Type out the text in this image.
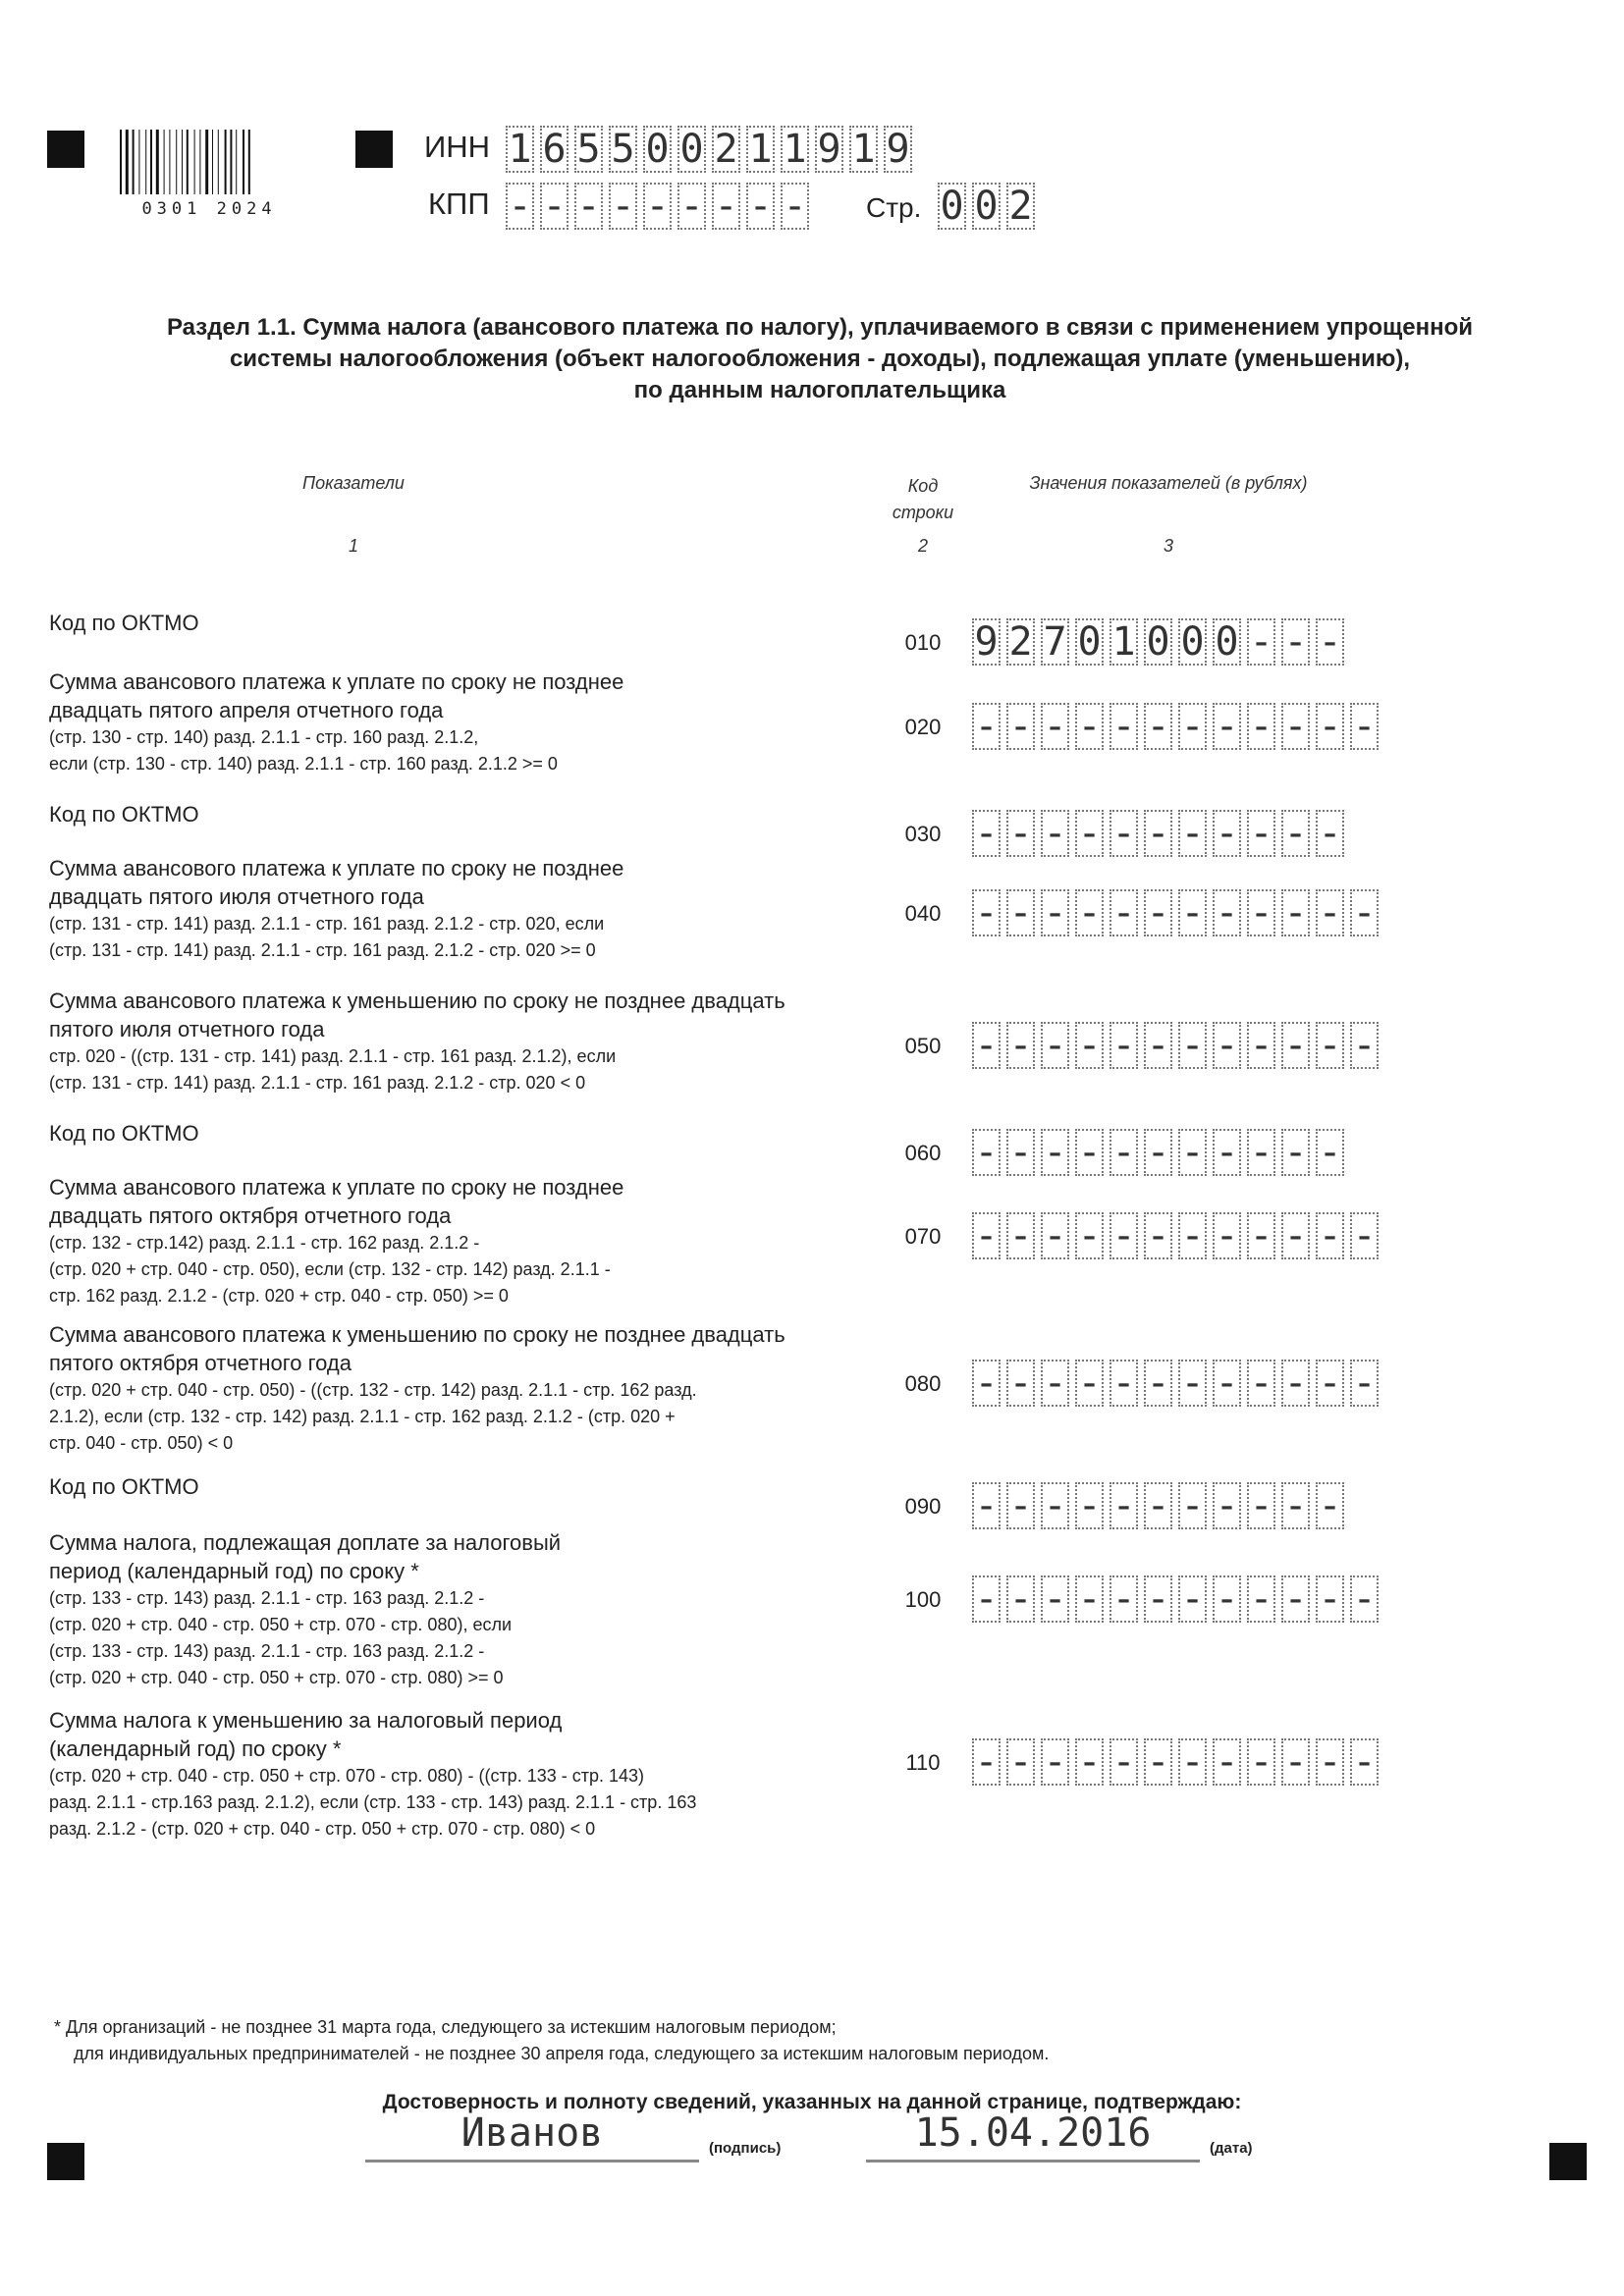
0301 2024
ИНН 1 6 5 5 0 0 2 1 1 9 1 9
КПП - - - - - - - - - Стр. 0 0 2
Раздел 1.1. Сумма налога (авансового платежа по налогу), уплачиваемого в связи с применением упрощенной
системы налогообложения (объект налогообложения - доходы), подлежащая уплате (уменьшению),
по данным налогоплательщика
Показатели	Код
строки
Значения показателей (в рублях)
1	2	3
Код по ОКТМО
010 9 2 7 0 1 0 0 0 - - -
Сумма авансового платежа к уплате по сроку не позднее
двадцать пятого апреля отчетного года
(стр. 130 - стр. 140) разд. 2.1.1 - стр. 160 разд. 2.1.2,
если (стр. 130 - стр. 140) разд. 2.1.1 - стр. 160 разд. 2.1.2 >= 0
020 - - - - - - - - - - - -
Код по ОКТМО
030 - - - - - - - - - - -
Сумма авансового платежа к уплате по сроку не позднее
двадцать пятого июля отчетного года
(стр. 131 - стр. 141) разд. 2.1.1 - стр. 161 разд. 2.1.2 - стр. 020, если
(стр. 131 - стр. 141) разд. 2.1.1 - стр. 161 разд. 2.1.2 - стр. 020 >= 0
040 - - - - - - - - - - - -
Сумма авансового платежа к уменьшению по сроку не позднее двадцать
пятого июля отчетного года
стр. 020 - ((стр. 131 - стр. 141) разд. 2.1.1 - стр. 161 разд. 2.1.2), если
(стр. 131 - стр. 141) разд. 2.1.1 - стр. 161 разд. 2.1.2 - стр. 020 < 0
050 - - - - - - - - - - - -
Код по ОКТМО
060 - - - - - - - - - - -
Сумма авансового платежа к уплате по сроку не позднее
двадцать пятого октября отчетного года
(стр. 132 - стр.142) разд. 2.1.1 - стр. 162 разд. 2.1.2 -
(стр. 020 + стр. 040 - стр. 050), если (стр. 132 - стр. 142) разд. 2.1.1 -
стр. 162 разд. 2.1.2 - (стр. 020 + стр. 040 - стр. 050) >= 0
070 - - - - - - - - - - - -
Сумма авансового платежа к уменьшению по сроку не позднее двадцать
пятого октября отчетного года
(стр. 020 + стр. 040 - стр. 050) - ((стр. 132 - стр. 142) разд. 2.1.1 - стр. 162 разд.
2.1.2), если (стр. 132 - стр. 142) разд. 2.1.1 - стр. 162 разд. 2.1.2 - (стр. 020 +
стр. 040 - стр. 050) < 0
080 - - - - - - - - - - - -
Код по ОКТМО
090 - - - - - - - - - - -
Сумма налога, подлежащая доплате за налоговый
период (календарный год) по сроку *
(стр. 133 - стр. 143) разд. 2.1.1 - стр. 163 разд. 2.1.2 -
(стр. 020 + стр. 040 - стр. 050 + стр. 070 - стр. 080), если
(стр. 133 - стр. 143) разд. 2.1.1 - стр. 163 разд. 2.1.2 -
(стр. 020 + стр. 040 - стр. 050 + стр. 070 - стр. 080) >= 0
100 - - - - - - - - - - - -
Сумма налога к уменьшению за налоговый период
(календарный год) по сроку *
(стр. 020 + стр. 040 - стр. 050 + стр. 070 - стр. 080) - ((стр. 133 - стр. 143)
разд. 2.1.1 - стр.163 разд. 2.1.2), если (стр. 133 - стр. 143) разд. 2.1.1 - стр. 163
разд. 2.1.2 - (стр. 020 + стр. 040 - стр. 050 + стр. 070 - стр. 080) < 0
110 - - - - - - - - - - - -
* Для организаций - не позднее 31 марта года, следующего за истекшим налоговым периодом;
для индивидуальных предпринимателей - не позднее 30 апреля года, следующего за истекшим налоговым периодом.
Достоверность и полноту сведений, указанных на данной странице, подтверждаю:
Иванов	(подпись)	15.04.2016	(дата)
